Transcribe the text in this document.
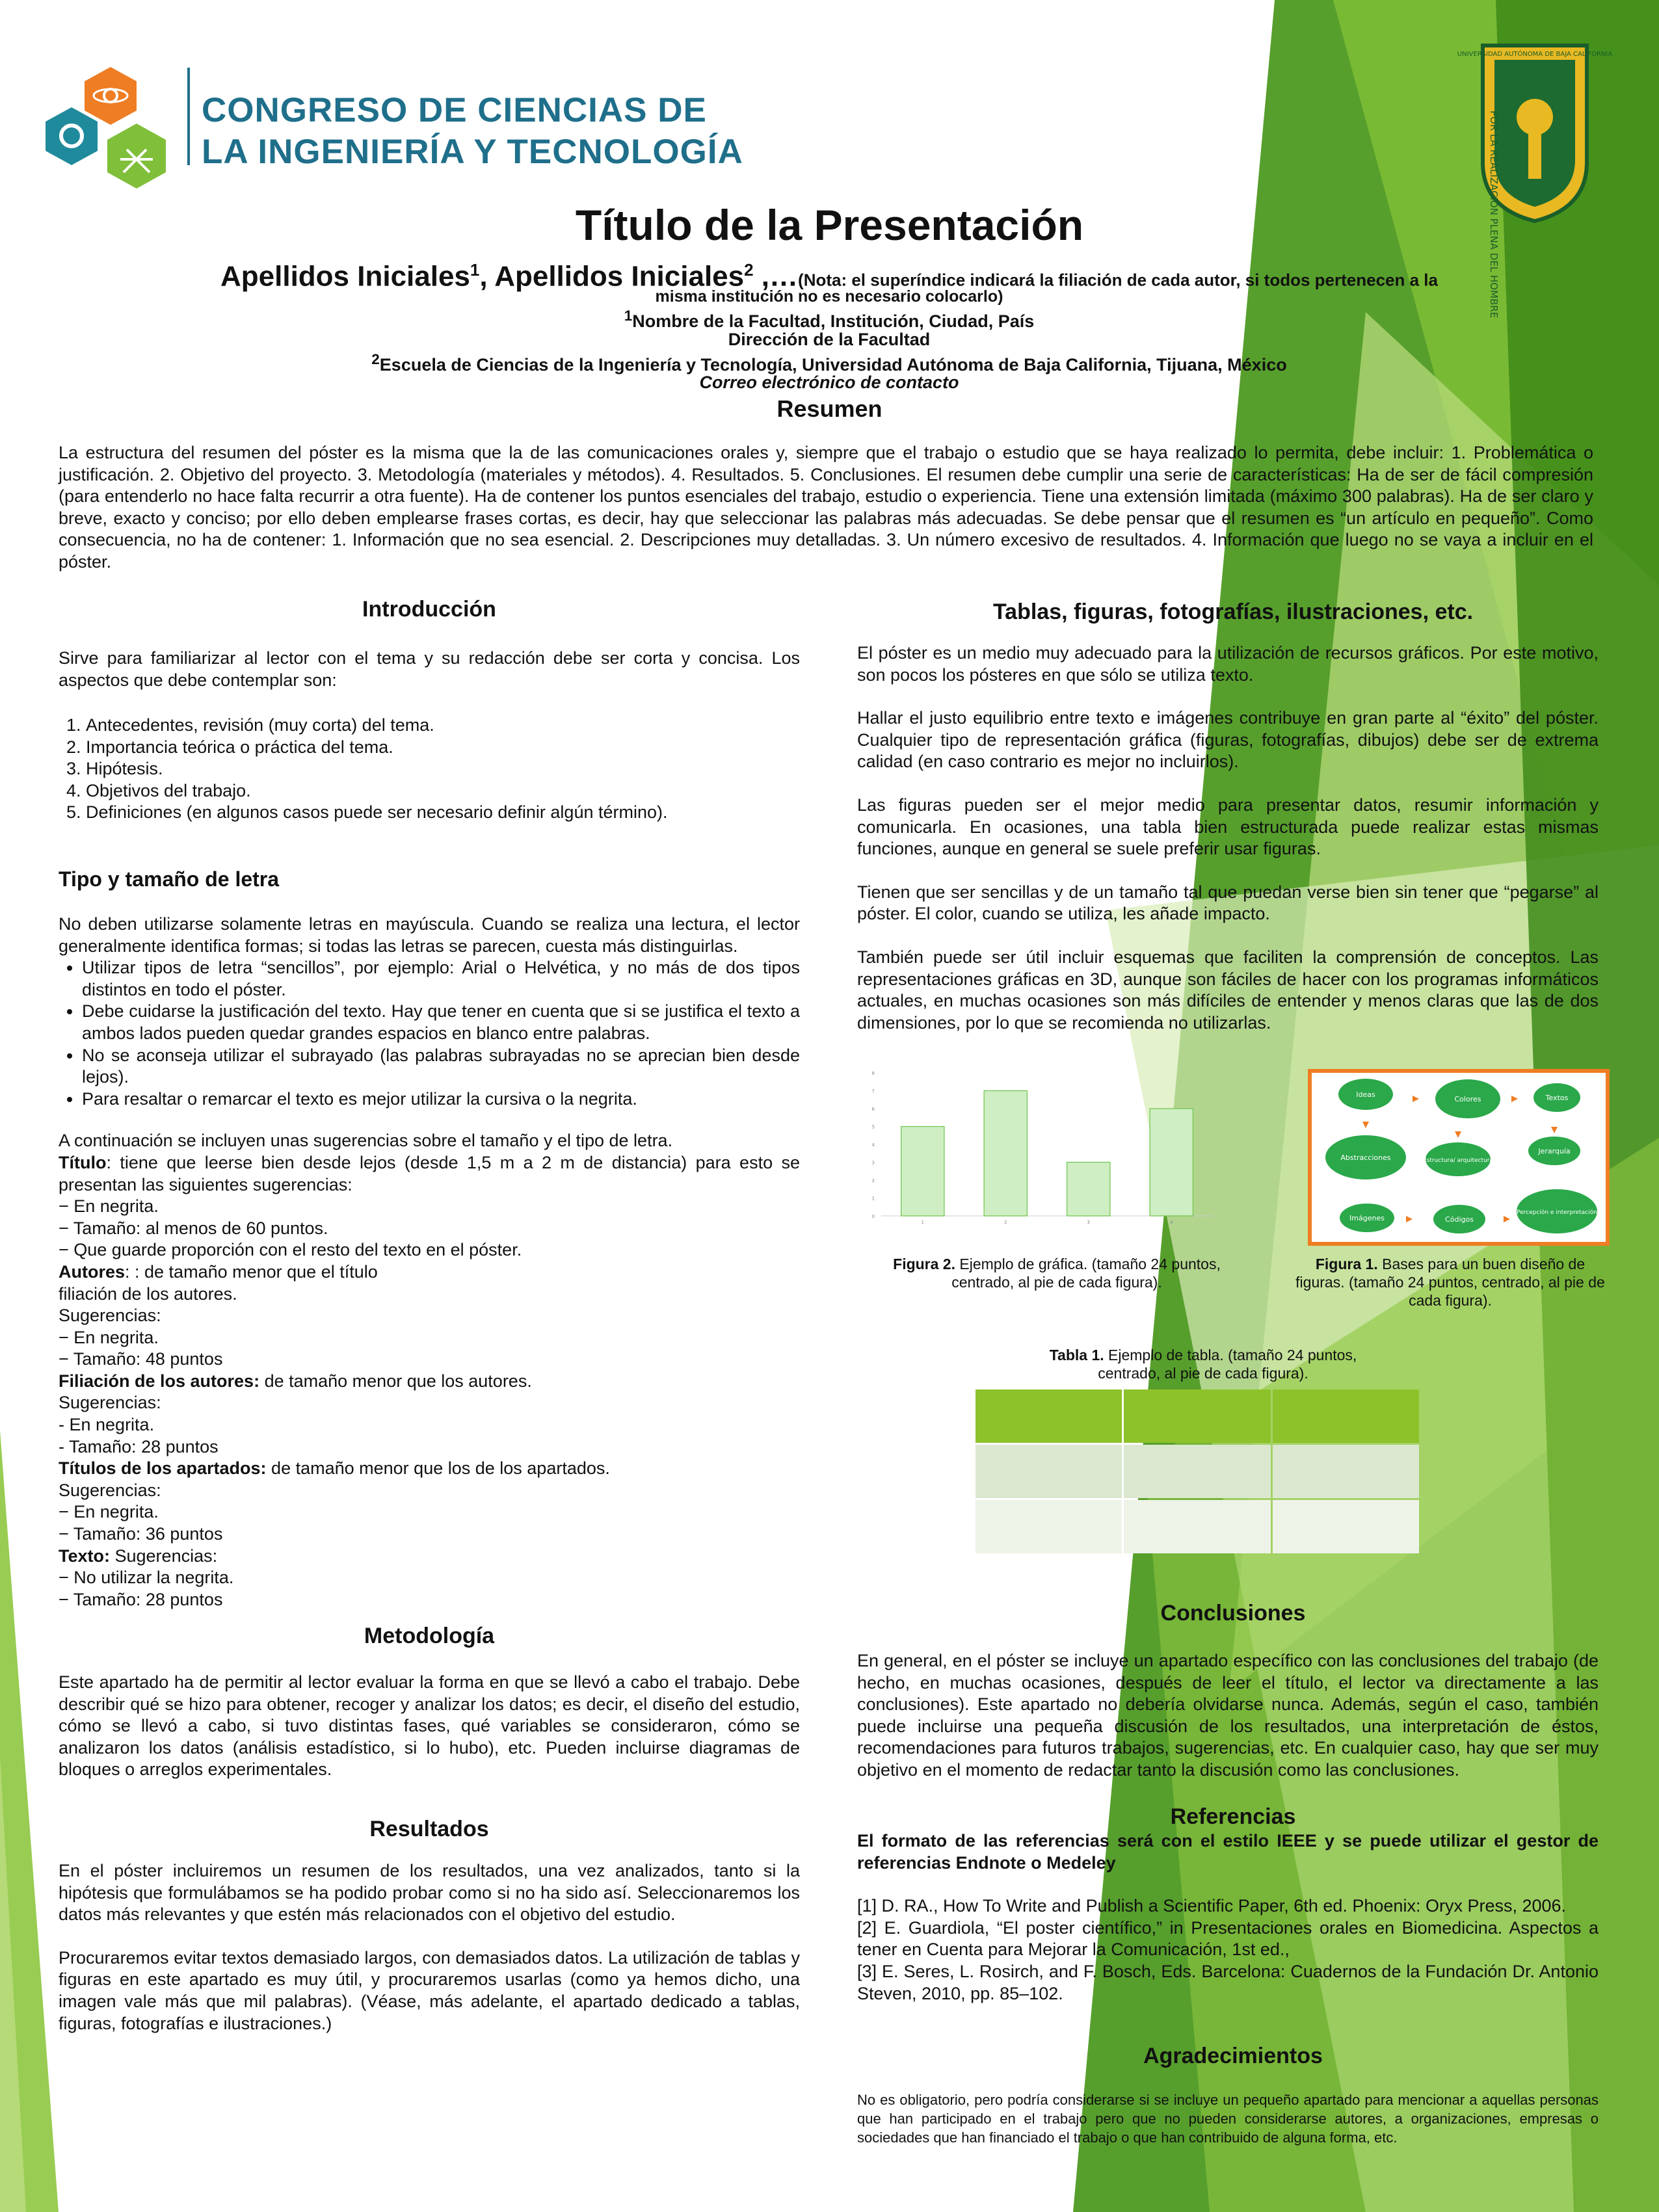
CONGRESO DE CIENCIAS DE
LA INGENIERÍA Y TECNOLOGÍA
UNIVERSIDAD AUTÓNOMA DE BAJA CALIFORNIA
POR LA REALIZACIÓN PLENA DEL HOMBRE
Título de la Presentación
Apellidos Iniciales$^1$, Apellidos Iniciales$^2$ ,…(Nota: el superíndice indicará la filiación de cada autor, si todos pertenecen a la
misma institución no es necesario colocarlo)
$^1$Nombre de la Facultad, Institución, Ciudad, País
Dirección de la Facultad
$^2$Escuela de Ciencias de la Ingeniería y Tecnología, Universidad Autónoma de Baja California, Tijuana, México
Correo electrónico de contacto
Resumen
La estructura del resumen del póster es la misma que la de las comunicaciones orales y, siempre que el trabajo o estudio que se haya realizado lo permita, debe incluir: 1. Problemática o justificación. 2. Objetivo del proyecto. 3. Metodología (materiales y métodos). 4. Resultados. 5. Conclusiones. El resumen debe cumplir una serie de características: Ha de ser de fácil compresión (para entenderlo no hace falta recurrir a otra fuente). Ha de contener los puntos esenciales del trabajo, estudio o experiencia. Tiene una extensión limitada (máximo 300 palabras). Ha de ser claro y breve, exacto y conciso; por ello deben emplearse frases cortas, es decir, hay que seleccionar las palabras más adecuadas. Se debe pensar que el resumen es “un artículo en pequeño”. Como consecuencia, no ha de contener: 1. Información que no sea esencial. 2. Descripciones muy detalladas. 3. Un número excesivo de resultados. 4. Información que luego no se vaya a incluir en el póster.
Introducción
Sirve para familiarizar al lector con el tema y su redacción debe ser corta y concisa. Los aspectos que debe contemplar son:
1. Antecedentes, revisión (muy corta) del tema.
2. Importancia teórica o práctica del tema.
3. Hipótesis.
4. Objetivos del trabajo.
5. Definiciones (en algunos casos puede ser necesario definir algún término).
Tipo y tamaño de letra

No deben utilizarse solamente letras en mayúscula. Cuando se realiza una lectura, el lector generalmente identifica formas; si todas las letras se parecen, cuesta más distinguirlas.

• Utilizar tipos de letra “sencillos”, por ejemplo: Arial o Helvética, y no más de dos tipos distintos en todo el póster.
• Debe cuidarse la justificación del texto. Hay que tener en cuenta que si se justifica el texto a ambos lados pueden quedar grandes espacios en blanco entre palabras.
• No se aconseja utilizar el subrayado (las palabras subrayadas no se aprecian bien desde lejos).
• Para resaltar o remarcar el texto es mejor utilizar la cursiva o la negrita.

A continuación se incluyen unas sugerencias sobre el tamaño y el tipo de letra.

Título: tiene que leerse bien desde lejos (desde 1,5 m a 2 m de distancia) para esto se presentan las siguientes sugerencias:

− En negrita.

− Tamaño: al menos de 60 puntos.

− Que guarde proporción con el resto del texto en el póster.

Autores: : de tamaño menor que el título

filiación de los autores.

Sugerencias:

− En negrita.

− Tamaño: 48 puntos

Filiación de los autores: de tamaño menor que los autores.

Sugerencias:

- En negrita.

- Tamaño: 28 puntos

Títulos de los apartados: de tamaño menor que los de los apartados.

Sugerencias:

− En negrita.

− Tamaño: 36 puntos

Texto: Sugerencias:

− No utilizar la negrita.

− Tamaño: 28 puntos

Metodología
Este apartado ha de permitir al lector evaluar la forma en que se llevó a cabo el trabajo. Debe describir qué se hizo para obtener, recoger y analizar los datos; es decir, el diseño del estudio, cómo se llevó a cabo, si tuvo distintas fases, qué variables se consideraron, cómo se analizaron los datos (análisis estadístico, si lo hubo), etc. Pueden incluirse diagramas de bloques o arreglos experimentales.
Resultados

En el póster incluiremos un resumen de los resultados, una vez analizados, tanto si la hipótesis que formulábamos se ha podido probar como si no ha sido así. Seleccionaremos los datos más relevantes y que estén más relacionados con el objetivo del estudio.

Procuraremos evitar textos demasiado largos, con demasiados datos. La utilización de tablas y figuras en este apartado es muy útil, y procuraremos usarlas (como ya hemos dicho, una imagen vale más que mil palabras). (Véase, más adelante, el apartado dedicado a tablas, figuras, fotografías e ilustraciones.)

Tablas, figuras, fotografías, ilustraciones, etc.

El póster es un medio muy adecuado para la utilización de recursos gráficos. Por este motivo, son pocos los pósteres en que sólo se utiliza texto.

Hallar el justo equilibrio entre texto e imágenes contribuye en gran parte al “éxito” del póster. Cualquier tipo de representación gráfica (figuras, fotografías, dibujos) debe ser de extrema calidad (en caso contrario es mejor no incluirlos).

Las figuras pueden ser el mejor medio para presentar datos, resumir información y comunicarla. En ocasiones, una tabla bien estructurada puede realizar estas mismas funciones, aunque en general se suele preferir usar figuras.

Tienen que ser sencillas y de un tamaño tal que puedan verse bien sin tener que “pegarse” al póster. El color, cuando se utiliza, les añade impacto.

También puede ser útil incluir esquemas que faciliten la comprensión de conceptos. Las representaciones gráficas en 3D, aunque son fáciles de hacer con los programas informáticos actuales, en muchas ocasiones son más difíciles de entender y menos claras que las de dos dimensiones, por lo que se recomienda no utilizarlas.

0
1
2
3
4
5
6
7
8
1	2	3	4
Figura 2. Ejemplo de gráfica. (tamaño 24 puntos, centrado, al pie de cada figura).
Ideas
Colores	Textos
Abstracciones	Estructura/ arquitectura
Jerarquía
Imágenes	Códigos
Percepción e interpretación
Figura 1. Bases para un buen diseño de figuras. (tamaño 24 puntos, centrado, al pie de cada figura).
Tabla 1. Ejemplo de tabla. (tamaño 24 puntos, centrado, al pie de cada figura).

Conclusiones
En general, en el póster se incluye un apartado específico con las conclusiones del trabajo (de hecho, en muchas ocasiones, después de leer el título, el lector va directamente a las conclusiones). Este apartado no debería olvidarse nunca. Además, según el caso, también puede incluirse una pequeña discusión de los resultados, una interpretación de éstos, recomendaciones para futuros trabajos, sugerencias, etc. En cualquier caso, hay que ser muy objetivo en el momento de redactar tanto la discusión como las conclusiones.
Referencias

El formato de las referencias será con el estilo IEEE y se puede utilizar el gestor de referencias Endnote o Medeley

[1] D. RA., How To Write and Publish a Scientific Paper, 6th ed. Phoenix: Oryx Press, 2006.

[2] E. Guardiola, “El poster científico,” in Presentaciones orales en Biomedicina. Aspectos a tener en Cuenta para Mejorar la Comunicación, 1st ed.,

[3] E. Seres, L. Rosirch, and F. Bosch, Eds. Barcelona: Cuadernos de la Fundación Dr. Antonio Steven, 2010, pp. 85–102.

Agradecimientos
No es obligatorio, pero podría considerarse si se incluye un pequeño apartado para mencionar a aquellas personas que han participado en el trabajo pero que no pueden considerarse autores, a organizaciones, empresas o sociedades que han financiado el trabajo o que han contribuido de alguna forma, etc.
